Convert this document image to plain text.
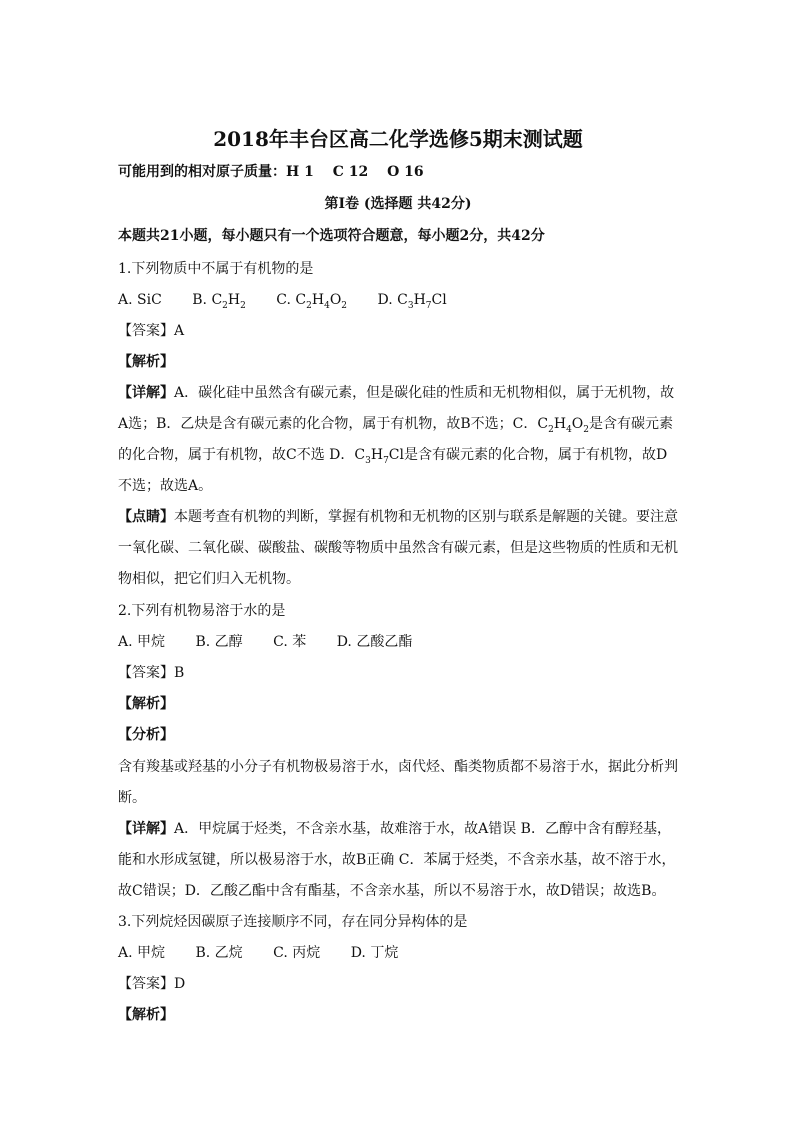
2018年丰台区高二化学选修5期末测试题
可能用到的相对原子质量：H 1　 C 12　 O 16
第I卷 (选择题 共42分)
本题共21小题，每小题只有一个选项符合题意，每小题2分，共42分
1.下列物质中不属于有机物的是
A. SiC B. $C_2H_2$ C. $C_2H_4O_2$ D. $C_3H_7Cl$
【答案】A
【解析】
【详解】A．碳化硅中虽然含有碳元素，但是碳化硅的性质和无机物相似，属于无机物，故
A选；B．乙炔是含有碳元素的化合物，属于有机物，故B不选；C．$C_2H_4O_2$是含有碳元素
的化合物，属于有机物，故C不选 D．$C_3H_7Cl$是含有碳元素的化合物，属于有机物，故D
不选；故选A。
【点睛】本题考查有机物的判断，掌握有机物和无机物的区别与联系是解题的关键。要注意
一氧化碳、二氧化碳、碳酸盐、碳酸等物质中虽然含有碳元素，但是这些物质的性质和无机
物相似，把它们归入无机物。
2.下列有机物易溶于水的是
A. 甲烷 B. 乙醇 C. 苯 D. 乙酸乙酯
【答案】B
【解析】
【分析】
含有羧基或羟基的小分子有机物极易溶于水，卤代烃、酯类物质都不易溶于水，据此分析判
断。
【详解】A．甲烷属于烃类，不含亲水基，故难溶于水，故A错误 B．乙醇中含有醇羟基，
能和水形成氢键，所以极易溶于水，故B正确 C．苯属于烃类，不含亲水基，故不溶于水，
故C错误；D．乙酸乙酯中含有酯基，不含亲水基，所以不易溶于水，故D错误；故选B。
3.下列烷烃因碳原子连接顺序不同，存在同分异构体的是
A. 甲烷 B. 乙烷 C. 丙烷 D. 丁烷
【答案】D
【解析】
